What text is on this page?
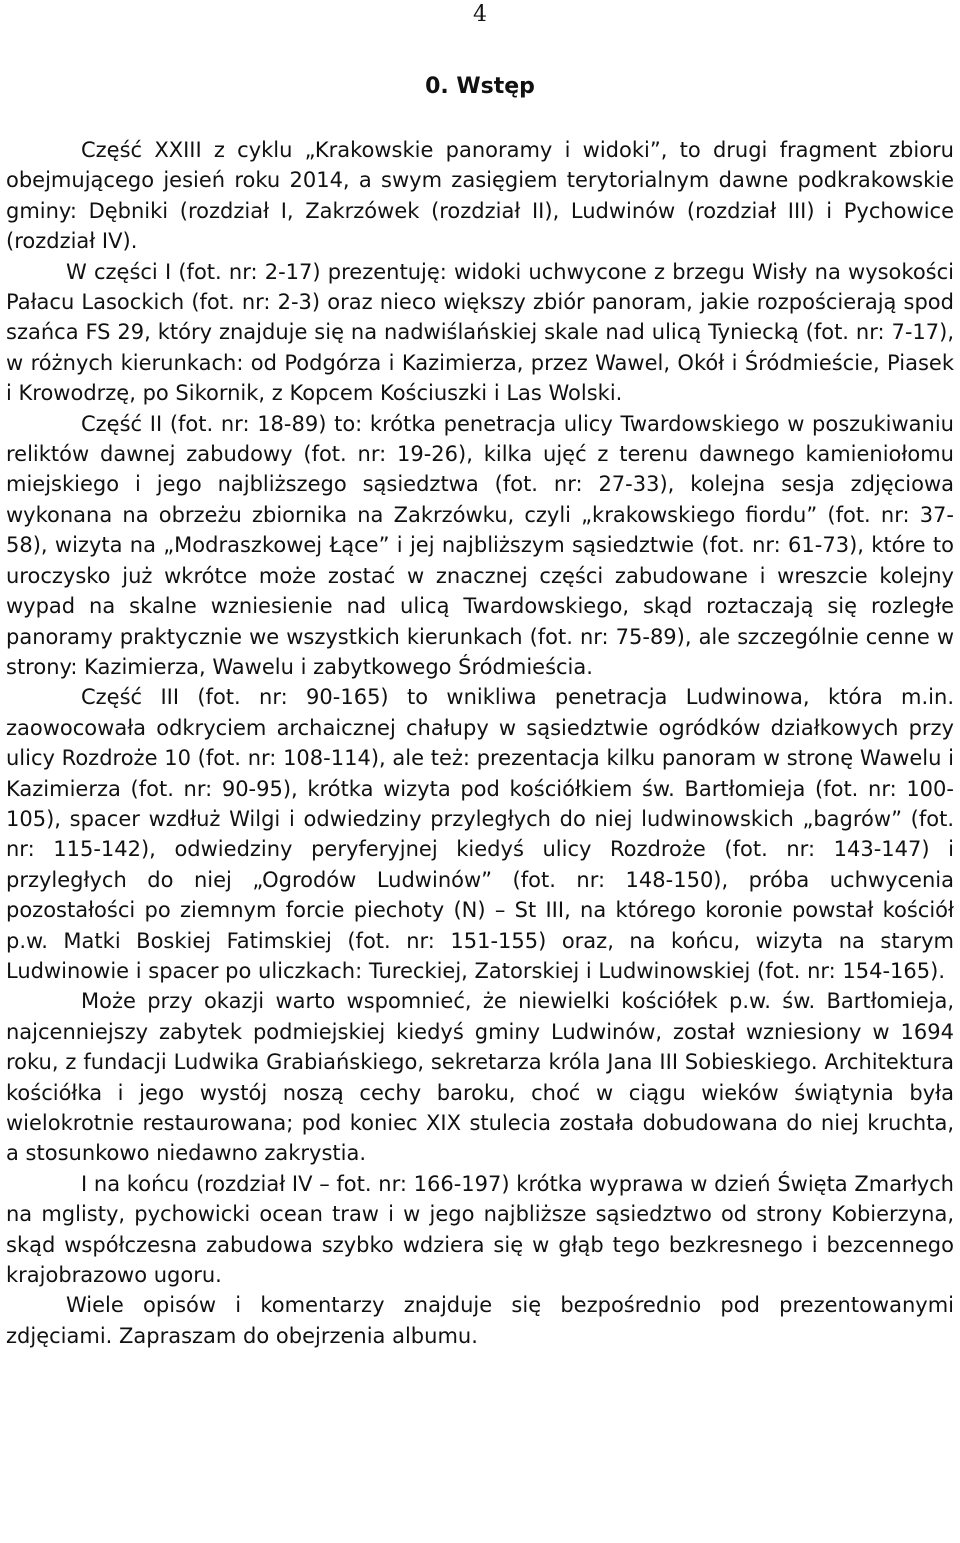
4
0. Wstęp

Część XXIII z cyklu „Krakowskie panoramy i widoki”, to drugi fragment zbioru obejmującego jesień roku 2014, a swym zasięgiem terytorialnym dawne podkrakowskie gminy: Dębniki (rozdział I, Zakrzówek (rozdział II), Ludwinów (rozdział III) i Pychowice (rozdział IV).

W części I (fot. nr: 2-17) prezentuję: widoki uchwycone z brzegu Wisły na wysokości Pałacu Lasockich (fot. nr: 2-3) oraz nieco większy zbiór panoram, jakie rozpościerają spod szańca FS 29, który znajduje się na nadwiślańskiej skale nad ulicą Tyniecką (fot. nr: 7-17), w różnych kierunkach: od Podgórza i Kazimierza, przez Wawel, Okół i Śródmieście, Piasek i Krowodrzę, po Sikornik, z Kopcem Kościuszki i Las Wolski.

Część II (fot. nr: 18-89) to: krótka penetracja ulicy Twardowskiego w poszukiwaniu reliktów dawnej zabudowy (fot. nr: 19-26), kilka ujęć z terenu dawnego kamieniołomu miejskiego i jego najbliższego sąsiedztwa (fot. nr: 27-33), kolejna sesja zdjęciowa wykonana na obrzeżu zbiornika na Zakrzówku, czyli „krakowskiego fiordu” (fot. nr: 37-58), wizyta na „Modraszkowej Łące” i jej najbliższym sąsiedztwie (fot. nr: 61-73), które to uroczysko już wkrótce może zostać w znacznej części zabudowane i wreszcie kolejny wypad na skalne wzniesienie nad ulicą Twardowskiego, skąd roztaczają się rozległe panoramy praktycznie we wszystkich kierunkach (fot. nr: 75-89), ale szczególnie cenne w strony: Kazimierza, Wawelu i zabytkowego Śródmieścia.

Część III (fot. nr: 90-165) to wnikliwa penetracja Ludwinowa, która m.in. zaowocowała odkryciem archaicznej chałupy w sąsiedztwie ogródków działkowych przy ulicy Rozdroże 10 (fot. nr: 108-114), ale też: prezentacja kilku panoram w stronę Wawelu i Kazimierza (fot. nr: 90-95), krótka wizyta pod kościółkiem św. Bartłomieja (fot. nr: 100-105), spacer wzdłuż Wilgi i odwiedziny przyległych do niej ludwinowskich „bagrów” (fot. nr: 115-142), odwiedziny peryferyjnej kiedyś ulicy Rozdroże (fot. nr: 143-147) i przyległych do niej „Ogrodów Ludwinów” (fot. nr: 148-150), próba uchwycenia pozostałości po ziemnym forcie piechoty (N) – St III, na którego koronie powstał kościół p.w. Matki Boskiej Fatimskiej (fot. nr: 151-155) oraz, na końcu, wizyta na starym Ludwinowie i spacer po uliczkach: Tureckiej, Zatorskiej i Ludwinowskiej (fot. nr: 154-165).

Może przy okazji warto wspomnieć, że niewielki kościółek p.w. św. Bartłomieja, najcenniejszy zabytek podmiejskiej kiedyś gminy Ludwinów, został wzniesiony w 1694 roku, z fundacji Ludwika Grabiańskiego, sekretarza króla Jana III Sobieskiego. Architektura kościółka i jego wystój noszą cechy baroku, choć w ciągu wieków świątynia była wielokrotnie restaurowana; pod koniec XIX stulecia została dobudowana do niej kruchta, a stosunkowo niedawno zakrystia.

I na końcu (rozdział IV – fot. nr: 166-197) krótka wyprawa w dzień Święta Zmarłych na mglisty, pychowicki ocean traw i w jego najbliższe sąsiedztwo od strony Kobierzyna, skąd współczesna zabudowa szybko wdziera się w głąb tego bezkresnego i bezcennego krajobrazowo ugoru.

Wiele opisów i komentarzy znajduje się bezpośrednio pod prezentowanymi zdjęciami. Zapraszam do obejrzenia albumu.
